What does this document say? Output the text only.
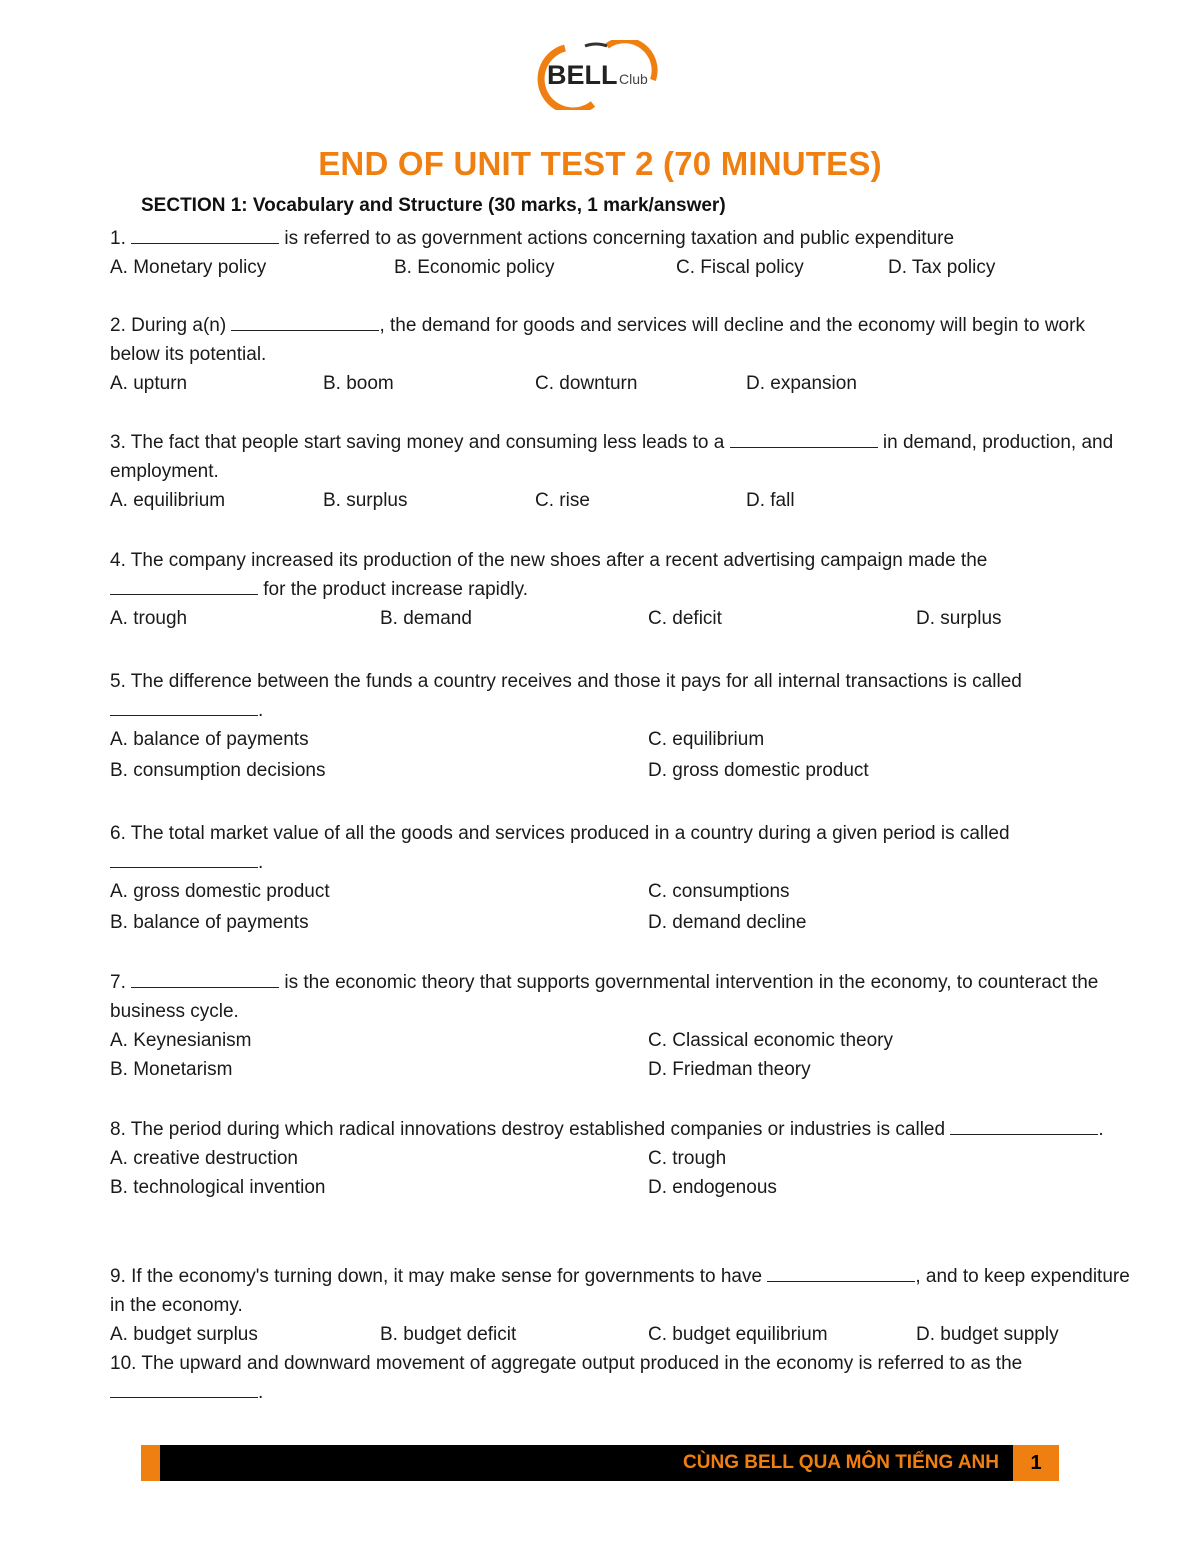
BELL Club
END OF UNIT TEST 2 (70 MINUTES)
SECTION 1: Vocabulary and Structure (30 marks, 1 mark/answer)

1.	is referred to as government actions concerning taxation and public expenditure

A. Monetary policy	B. Economic policy	C. Fiscal policy	D. Tax policy

2. During a(n)	, the demand for goods and services will decline and the economy will begin to work below its potential.

A. upturn	B. boom	C. downturn	D. expansion

3. The fact that people start saving money and consuming less leads to a	in demand, production, and employment.

A. equilibrium	B. surplus	C. rise	D. fall

4. The company increased its production of the new shoes after a recent advertising campaign made the  for the product increase rapidly.

A. trough	B. demand	C. deficit	D. surplus

5. The difference between the funds a country receives and those it pays for all internal transactions is called .

A. balance of payments	C. equilibrium
B. consumption decisions	D. gross domestic product

6. The total market value of all the goods and services produced in a country during a given period is called .

A. gross domestic product	C. consumptions
B. balance of payments	D. demand decline

7.	is the economic theory that supports governmental intervention in the economy, to counteract the business cycle.

A. Keynesianism	C. Classical economic theory
B. Monetarism	D. Friedman theory

8. The period during which radical innovations destroy established companies or industries is called	.

A. creative destruction	C. trough
B. technological invention	D. endogenous

9. If the economy's turning down, it may make sense for governments to have	, and to keep expenditure in the economy.

A. budget surplus	B. budget deficit	C. budget equilibrium	D. budget supply

10. The upward and downward movement of aggregate output produced in the economy is referred to as the .

CÙNG BELL QUA MÔN TIẾNG ANH	1
